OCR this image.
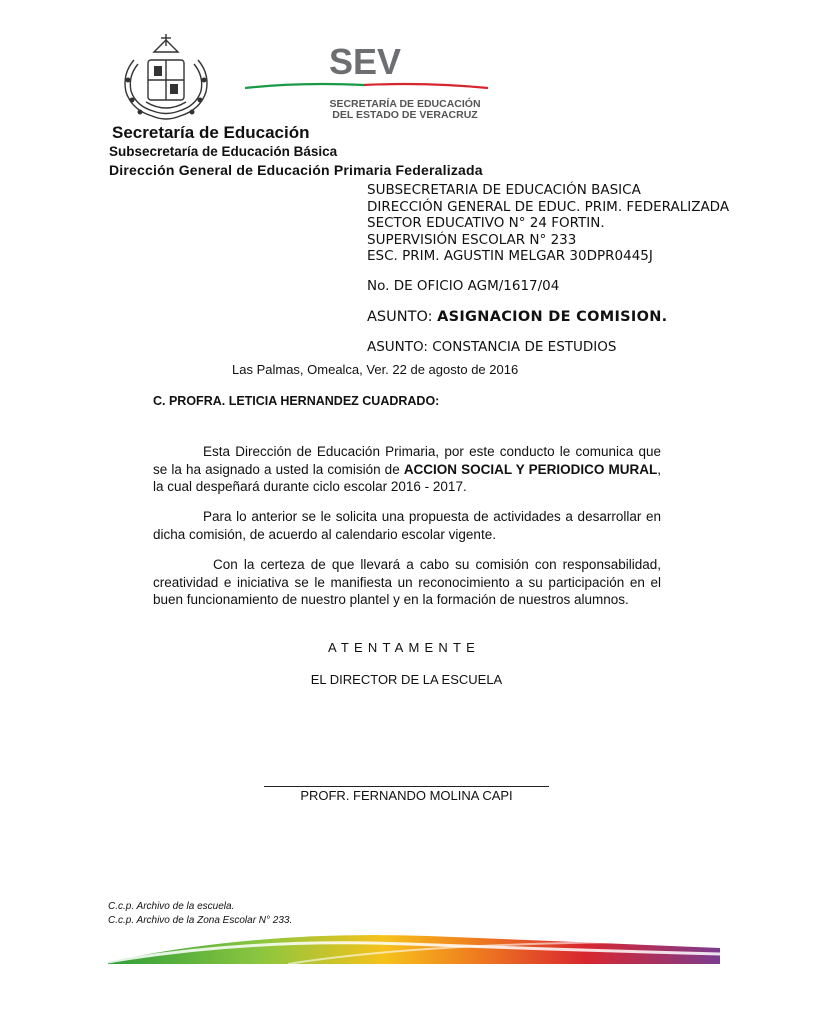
SEV
SECRETARÍA DE EDUCACIÓN
DEL ESTADO DE VERACRUZ
Secretaría de Educación
Subsecretaría de Educación Básica
Dirección General de Educación Primaria Federalizada
SUBSECRETARIA DE EDUCACIÓN BASICA
DIRECCIÓN GENERAL DE EDUC. PRIM. FEDERALIZADA
SECTOR EDUCATIVO N° 24 FORTIN.
SUPERVISIÓN ESCOLAR N° 233
ESC. PRIM. AGUSTIN MELGAR 30DPR0445J
No. DE OFICIO AGM/1617/04
ASUNTO: ASIGNACION DE COMISION.
ASUNTO: CONSTANCIA DE ESTUDIOS
Las Palmas, Omealca, Ver. 22 de agosto de 2016
C. PROFRA. LETICIA HERNANDEZ CUADRADO:
Esta Dirección de Educación Primaria, por este conducto le comunica que se la ha asignado a usted la comisión de ACCION SOCIAL Y PERIODICO MURAL, la cual despeñará durante ciclo escolar 2016 - 2017.
Para lo anterior se le solicita una propuesta de actividades a desarrollar en dicha comisión, de acuerdo al calendario escolar vigente.
Con la certeza de que llevará a cabo su comisión con responsabilidad, creatividad e iniciativa se le manifiesta un reconocimiento a su participación en el buen funcionamiento de nuestro plantel y en la formación de nuestros alumnos.
ATENTAMENTE
EL DIRECTOR DE LA ESCUELA
PROFR. FERNANDO MOLINA CAPI
C.c.p. Archivo de la escuela.
C.c.p. Archivo de la Zona Escolar N° 233.
